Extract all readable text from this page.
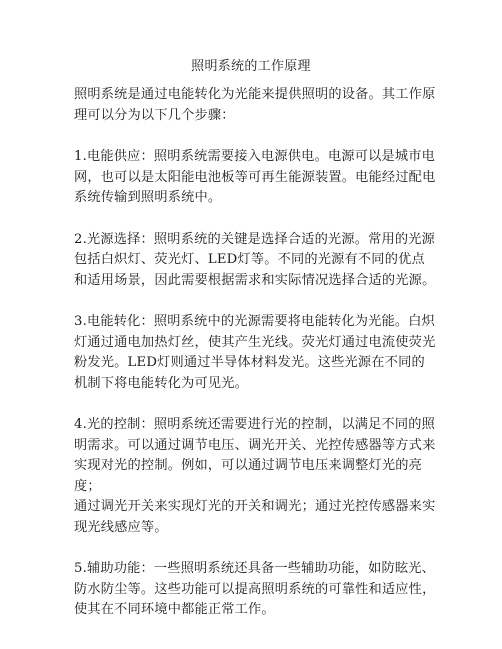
照明系统的工作原理

照明系统是通过电能转化为光能来提供照明的设备。其工作原
理可以分为以下几个步骤：

1.电能供应：照明系统需要接入电源供电。电源可以是城市电
网，也可以是太阳能电池板等可再生能源装置。电能经过配电
系统传输到照明系统中。

2.光源选择：照明系统的关键是选择合适的光源。常用的光源
包括白炽灯、荧光灯、LED灯等。不同的光源有不同的优点
和适用场景，因此需要根据需求和实际情况选择合适的光源。

3.电能转化：照明系统中的光源需要将电能转化为光能。白炽
灯通过通电加热灯丝，使其产生光线。荧光灯通过电流使荧光
粉发光。LED灯则通过半导体材料发光。这些光源在不同的
机制下将电能转化为可见光。

4.光的控制：照明系统还需要进行光的控制，以满足不同的照
明需求。可以通过调节电压、调光开关、光控传感器等方式来
实现对光的控制。例如，可以通过调节电压来调整灯光的亮度；
通过调光开关来实现灯光的开关和调光；通过光控传感器来实
现光线感应等。

5.辅助功能：一些照明系统还具备一些辅助功能，如防眩光、
防水防尘等。这些功能可以提高照明系统的可靠性和适应性，
使其在不同环境中都能正常工作。
